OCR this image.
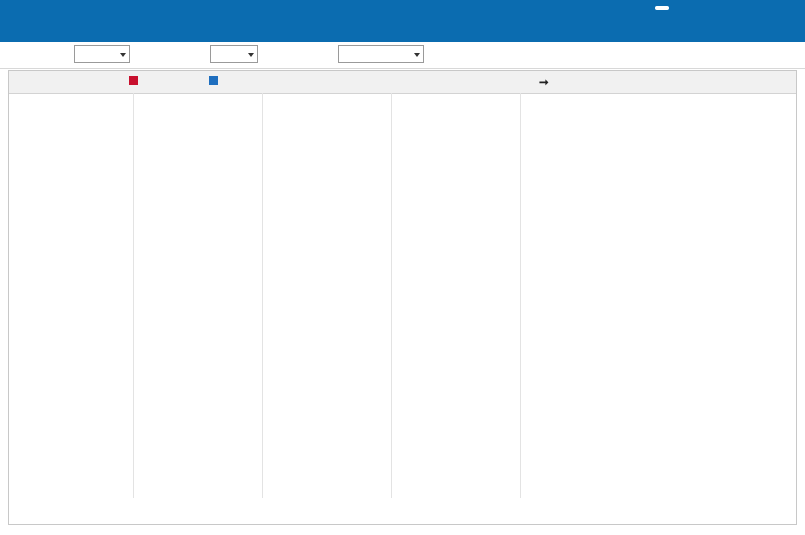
➞
